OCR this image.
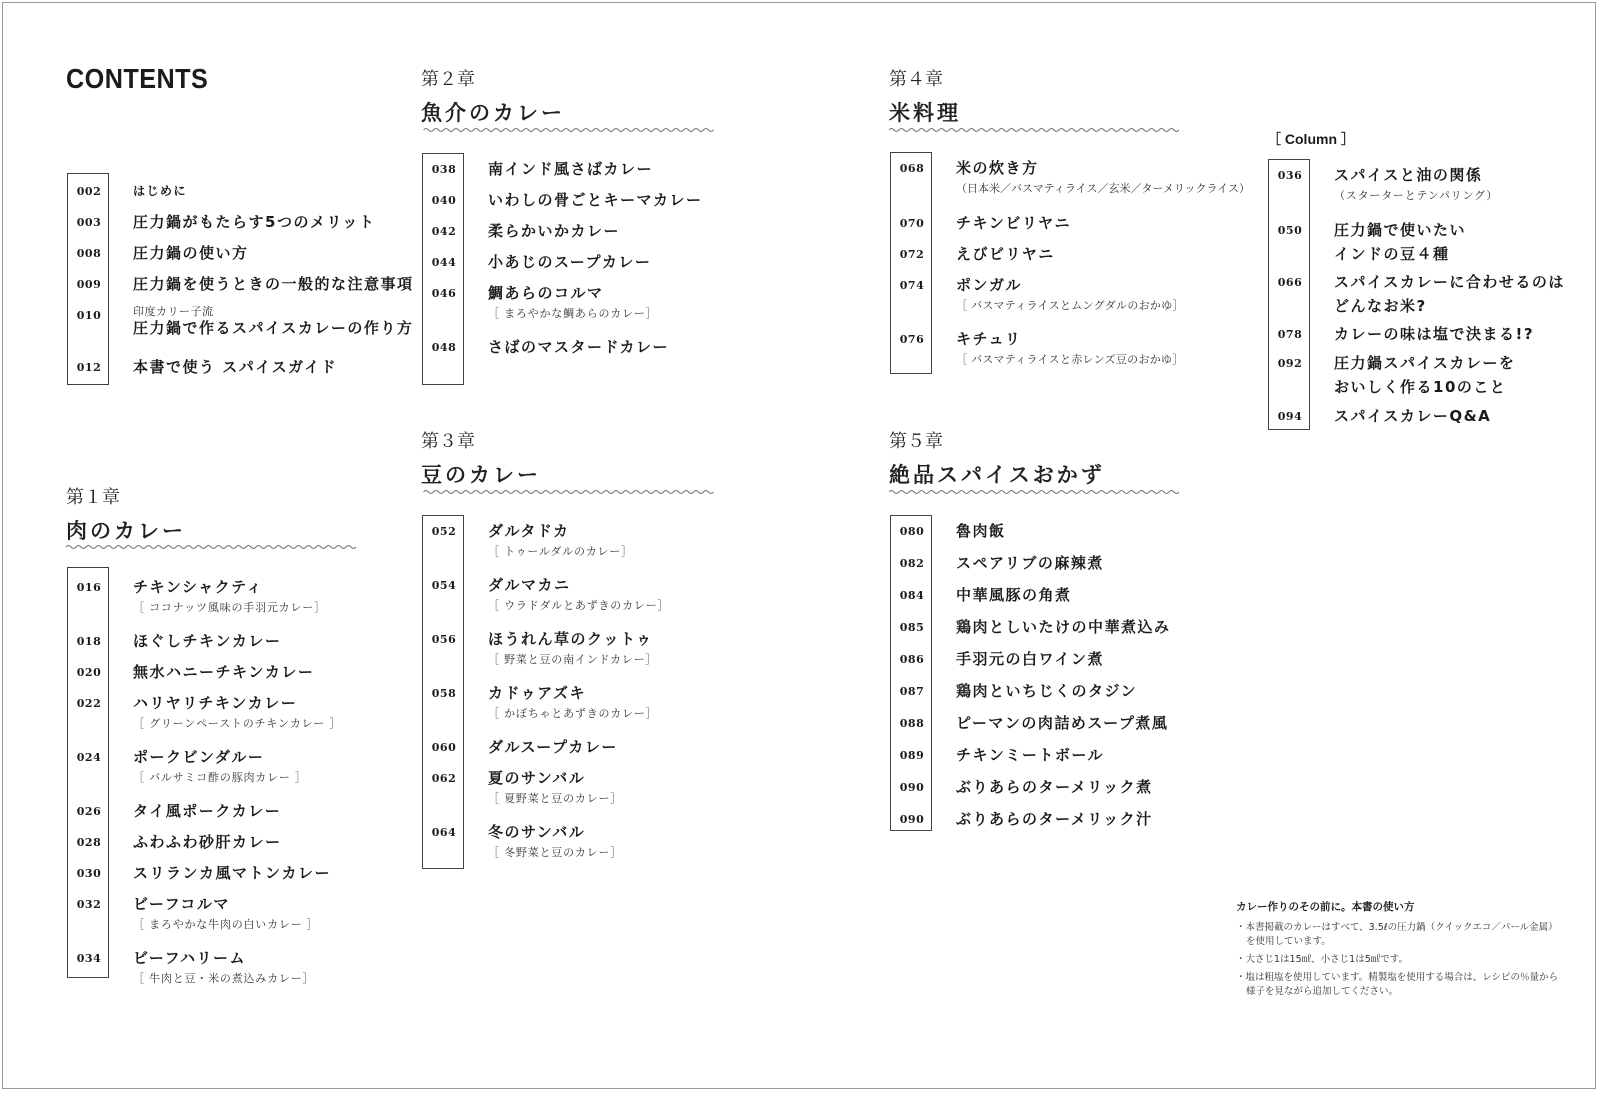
CONTENTS
002	はじめに
003	圧力鍋がもたらす5つのメリット
008	圧力鍋の使い方
009	圧力鍋を使うときの一般的な注意事項
010	印度カリー子流
圧力鍋で作るスパイスカレーの作り方
012	本書で使う スパイスガイド
第１章
肉のカレー
016	チキンシャクティ
［ ココナッツ風味の手羽元カレー］
018	ほぐしチキンカレー
020	無水ハニーチキンカレー
022	ハリヤリチキンカレー
［ グリーンペーストのチキンカレー ］
024	ポークビンダルー
［ バルサミコ酢の豚肉カレー ］
026	タイ風ポークカレー
028	ふわふわ砂肝カレー
030	スリランカ風マトンカレー
032	ビーフコルマ
［ まろやかな牛肉の白いカレー ］
034	ビーフハリーム
［ 牛肉と豆・米の煮込みカレー］
第２章
魚介のカレー
038	南インド風さばカレー
040	いわしの骨ごとキーマカレー
042	柔らかいかカレー
044	小あじのスープカレー
046	鯛あらのコルマ
［ まろやかな鯛あらのカレー］
048	さばのマスタードカレー
第３章
豆のカレー
052	ダルタドカ
［ トゥールダルのカレー］
054	ダルマカニ
［ ウラドダルとあずきのカレー］
056	ほうれん草のクットゥ
［ 野菜と豆の南インドカレー］
058	カドゥアズキ
［ かぼちゃとあずきのカレー］
060	ダルスープカレー
062	夏のサンバル
［ 夏野菜と豆のカレー］
064	冬のサンバル
［ 冬野菜と豆のカレー］
第４章
米料理
068	米の炊き方
（日本米／バスマティライス／玄米／ターメリックライス）
070	チキンビリヤニ
072	えびビリヤニ
074	ポンガル
［ バスマティライスとムングダルのおかゆ］
076	キチュリ
［ バスマティライスと赤レンズ豆のおかゆ］
第５章
絶品スパイスおかず
080	魯肉飯
082	スペアリブの麻辣煮
084	中華風豚の角煮
085	鶏肉としいたけの中華煮込み
086	手羽元の白ワイン煮
087	鶏肉といちじくのタジン
088	ピーマンの肉詰めスープ煮風
089	チキンミートボール
090	ぶりあらのターメリック煮
090	ぶりあらのターメリック汁
［ Column ］
036	スパイスと油の関係
（スターターとテンパリング）
050	圧力鍋で使いたい
インドの豆４種
066	スパイスカレーに合わせるのは
どんなお米?
078	カレーの味は塩で決まる!?
092	圧力鍋スパイスカレーを
おいしく作る10のこと
094	スパイスカレーQ&A
カレー作りのその前に。本書の使い方
・ 本書掲載のカレーはすべて、3.5ℓの圧力鍋（クイックエコ／パール金属）を使用しています。
・ 大さじ1は15㎖、小さじ1は5㎖です。
・ 塩は粗塩を使用しています。精製塩を使用する場合は、レシピの％量から様子を見ながら追加してください。
